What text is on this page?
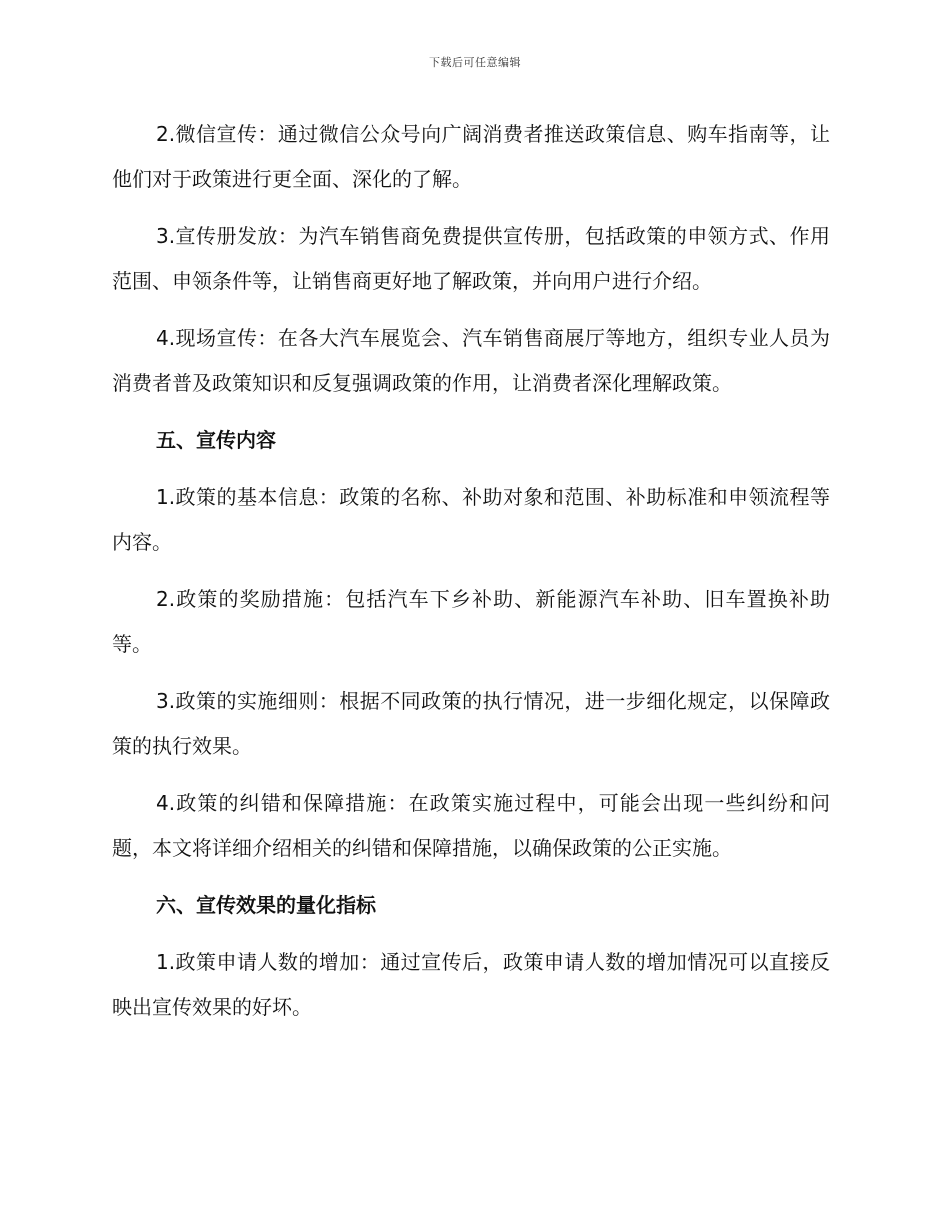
下载后可任意编辑

2.微信宣传：通过微信公众号向广阔消费者推送政策信息、购车指南等，让他们对于政策进行更全面、深化的了解。

3.宣传册发放：为汽车销售商免费提供宣传册，包括政策的申领方式、作用范围、申领条件等，让销售商更好地了解政策，并向用户进行介绍。

4.现场宣传：在各大汽车展览会、汽车销售商展厅等地方，组织专业人员为消费者普及政策知识和反复强调政策的作用，让消费者深化理解政策。

五、宣传内容

1.政策的基本信息：政策的名称、补助对象和范围、补助标准和申领流程等内容。

2.政策的奖励措施：包括汽车下乡补助、新能源汽车补助、旧车置换补助等。

3.政策的实施细则：根据不同政策的执行情况，进一步细化规定，以保障政策的执行效果。

4.政策的纠错和保障措施：在政策实施过程中，可能会出现一些纠纷和问题，本文将详细介绍相关的纠错和保障措施，以确保政策的公正实施。

六、宣传效果的量化指标

1.政策申请人数的增加：通过宣传后，政策申请人数的增加情况可以直接反映出宣传效果的好坏。
